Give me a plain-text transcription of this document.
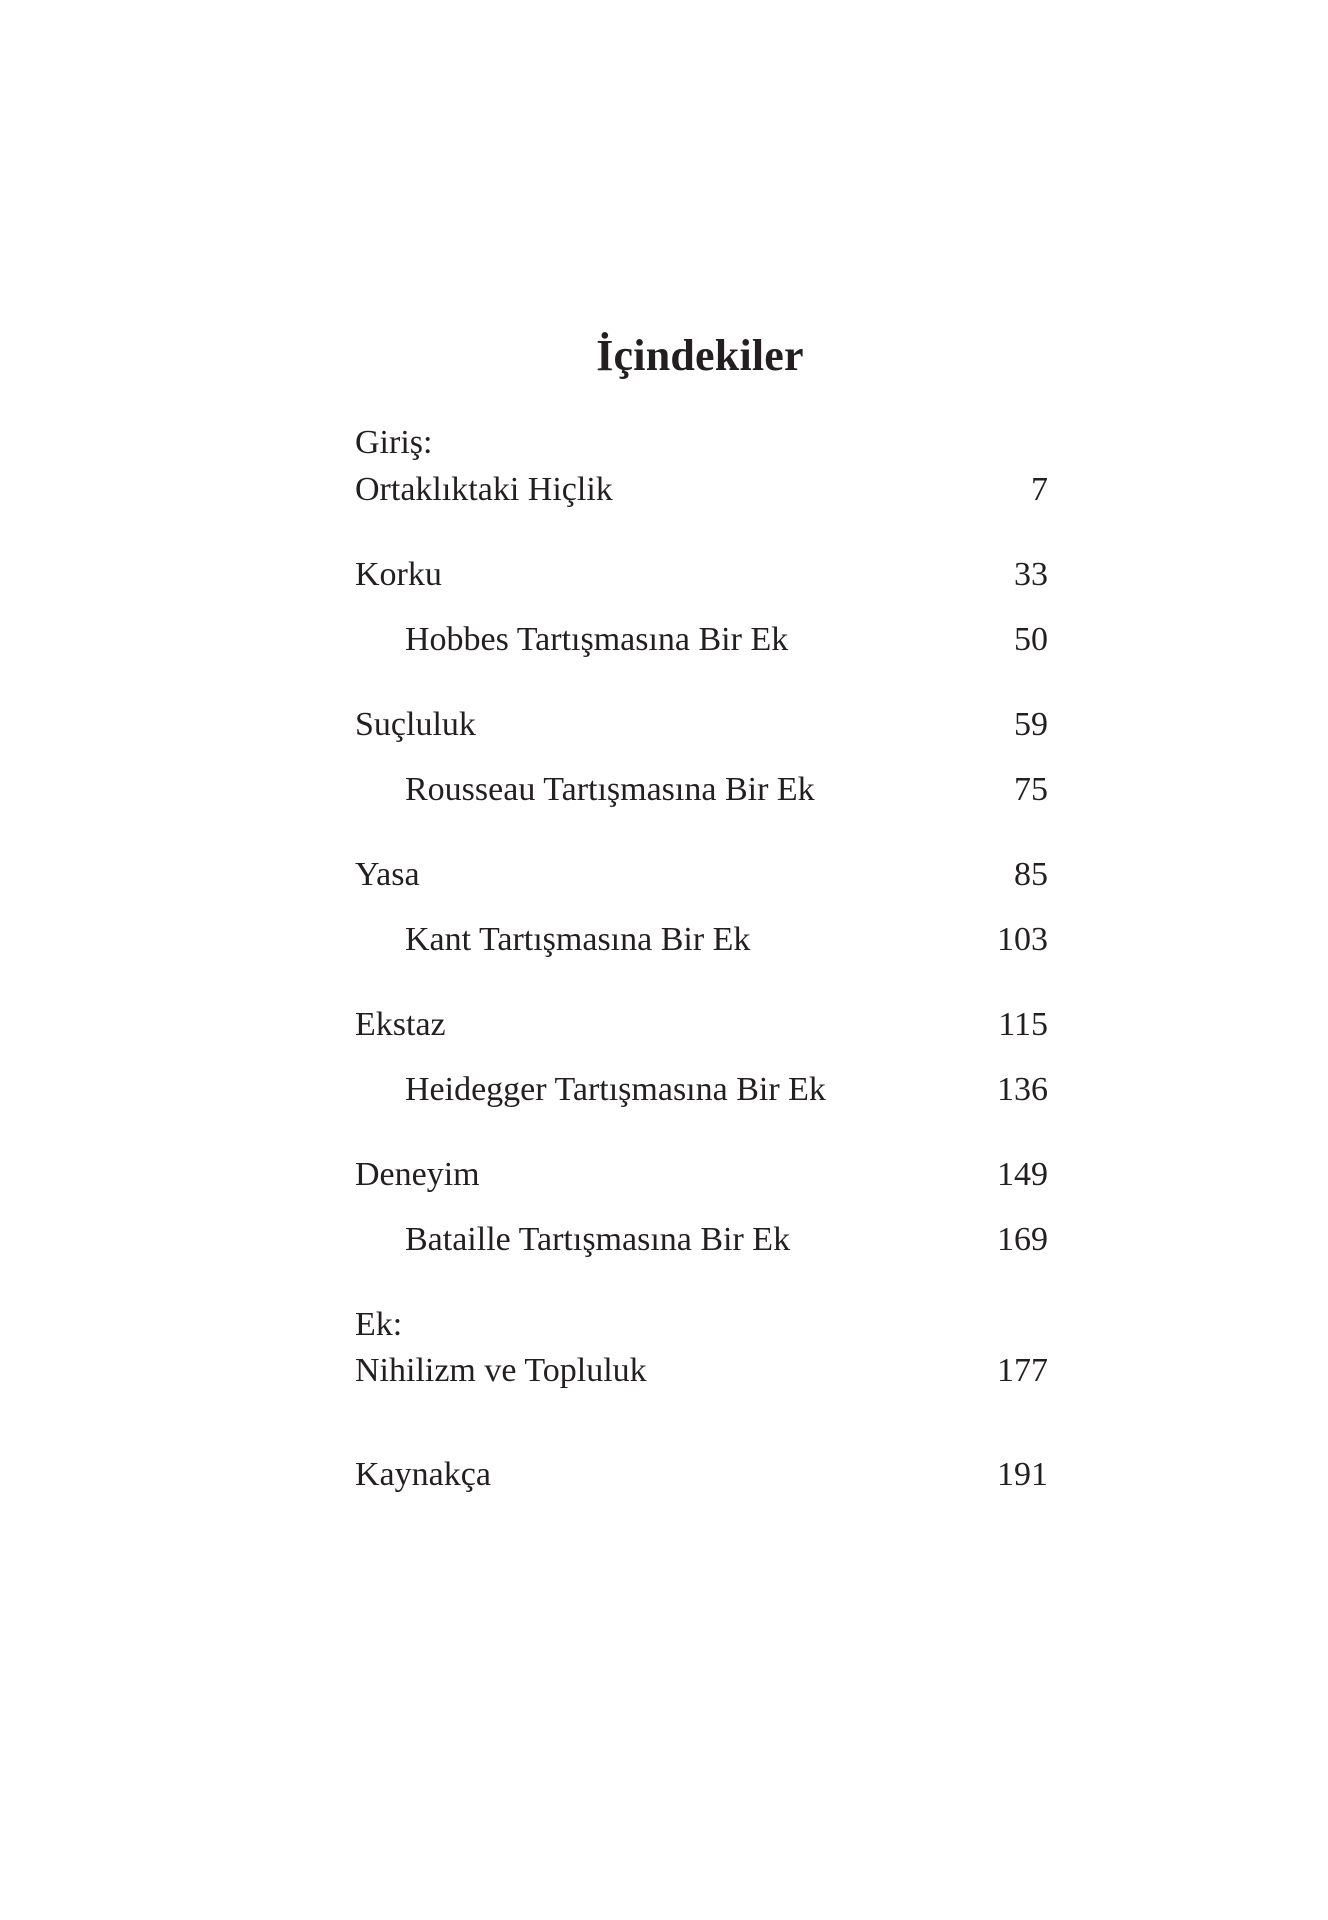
İçindekiler
Giriş:
Ortaklıktaki Hiçlik	7
Korku	33
Hobbes Tartışmasına Bir Ek	50
Suçluluk	59
Rousseau Tartışmasına Bir Ek	75
Yasa	85
Kant Tartışmasına Bir Ek	103
Ekstaz	115
Heidegger Tartışmasına Bir Ek	136
Deneyim	149
Bataille Tartışmasına Bir Ek	169
Ek:
Nihilizm ve Topluluk	177
Kaynakça	191
